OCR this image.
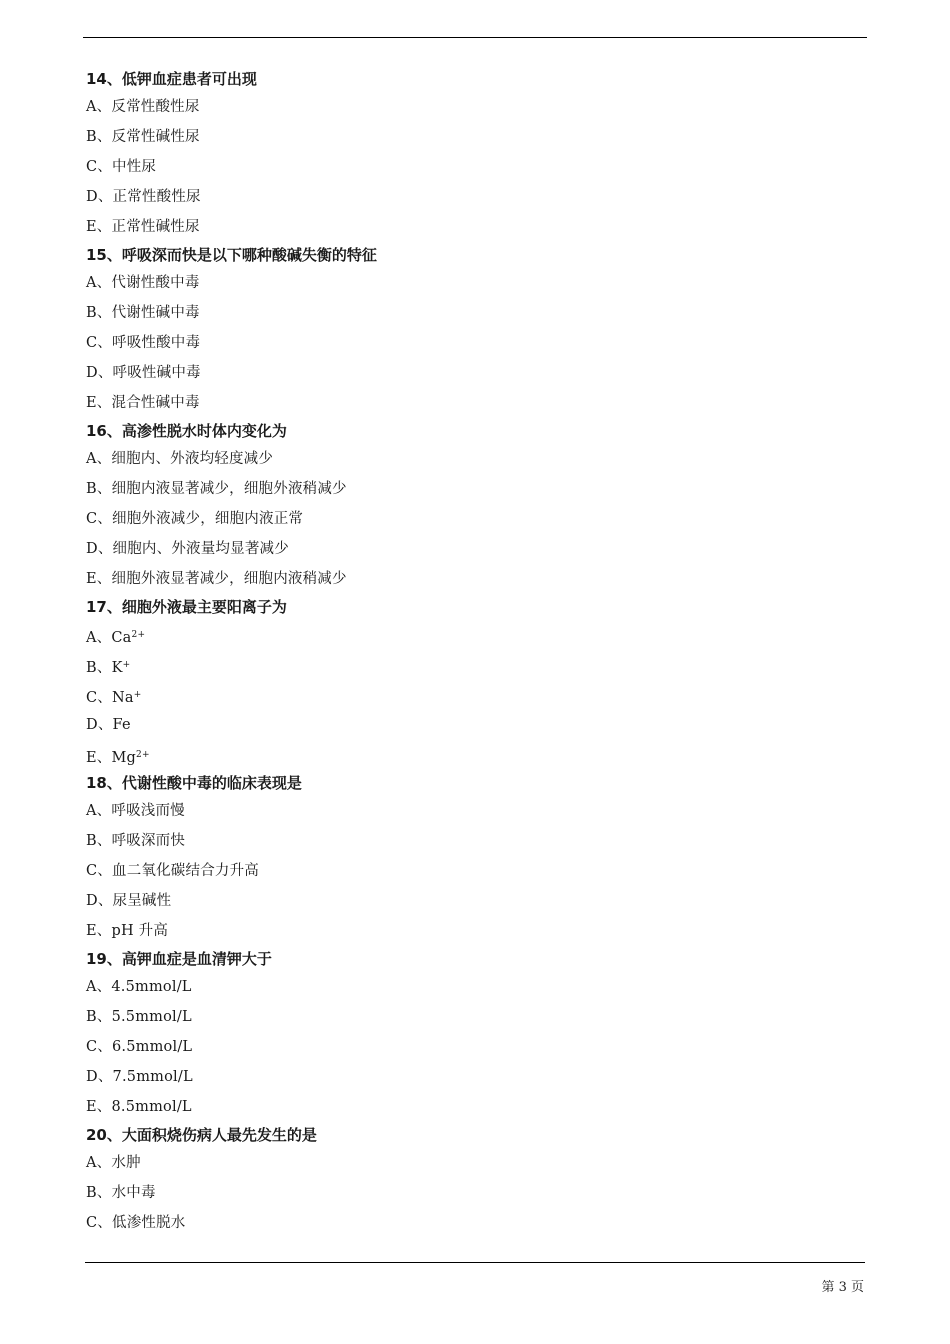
14、低钾血症患者可出现
A、反常性酸性尿
B、反常性碱性尿
C、中性尿
D、正常性酸性尿
E、正常性碱性尿
15、呼吸深而快是以下哪种酸碱失衡的特征
A、代谢性酸中毒
B、代谢性碱中毒
C、呼吸性酸中毒
D、呼吸性碱中毒
E、混合性碱中毒
16、高渗性脱水时体内变化为
A、细胞内、外液均轻度减少
B、细胞内液显著减少，细胞外液稍减少
C、细胞外液减少，细胞内液正常
D、细胞内、外液量均显著减少
E、细胞外液显著减少，细胞内液稍减少
17、细胞外液最主要阳离子为
A、$Ca^{2+}$
B、K+
C、Na+
D、Fe
E、$Mg^{2+}$
18、代谢性酸中毒的临床表现是
A、呼吸浅而慢
B、呼吸深而快
C、血二氧化碳结合力升高
D、尿呈碱性
E、pH 升高
19、高钾血症是血清钾大于
A、4.5mmol/L
B、5.5mmol/L
C、6.5mmol/L
D、7.5mmol/L
E、8.5mmol/L
20、大面积烧伤病人最先发生的是
A、水肿
B、水中毒
C、低渗性脱水
第 3 页
